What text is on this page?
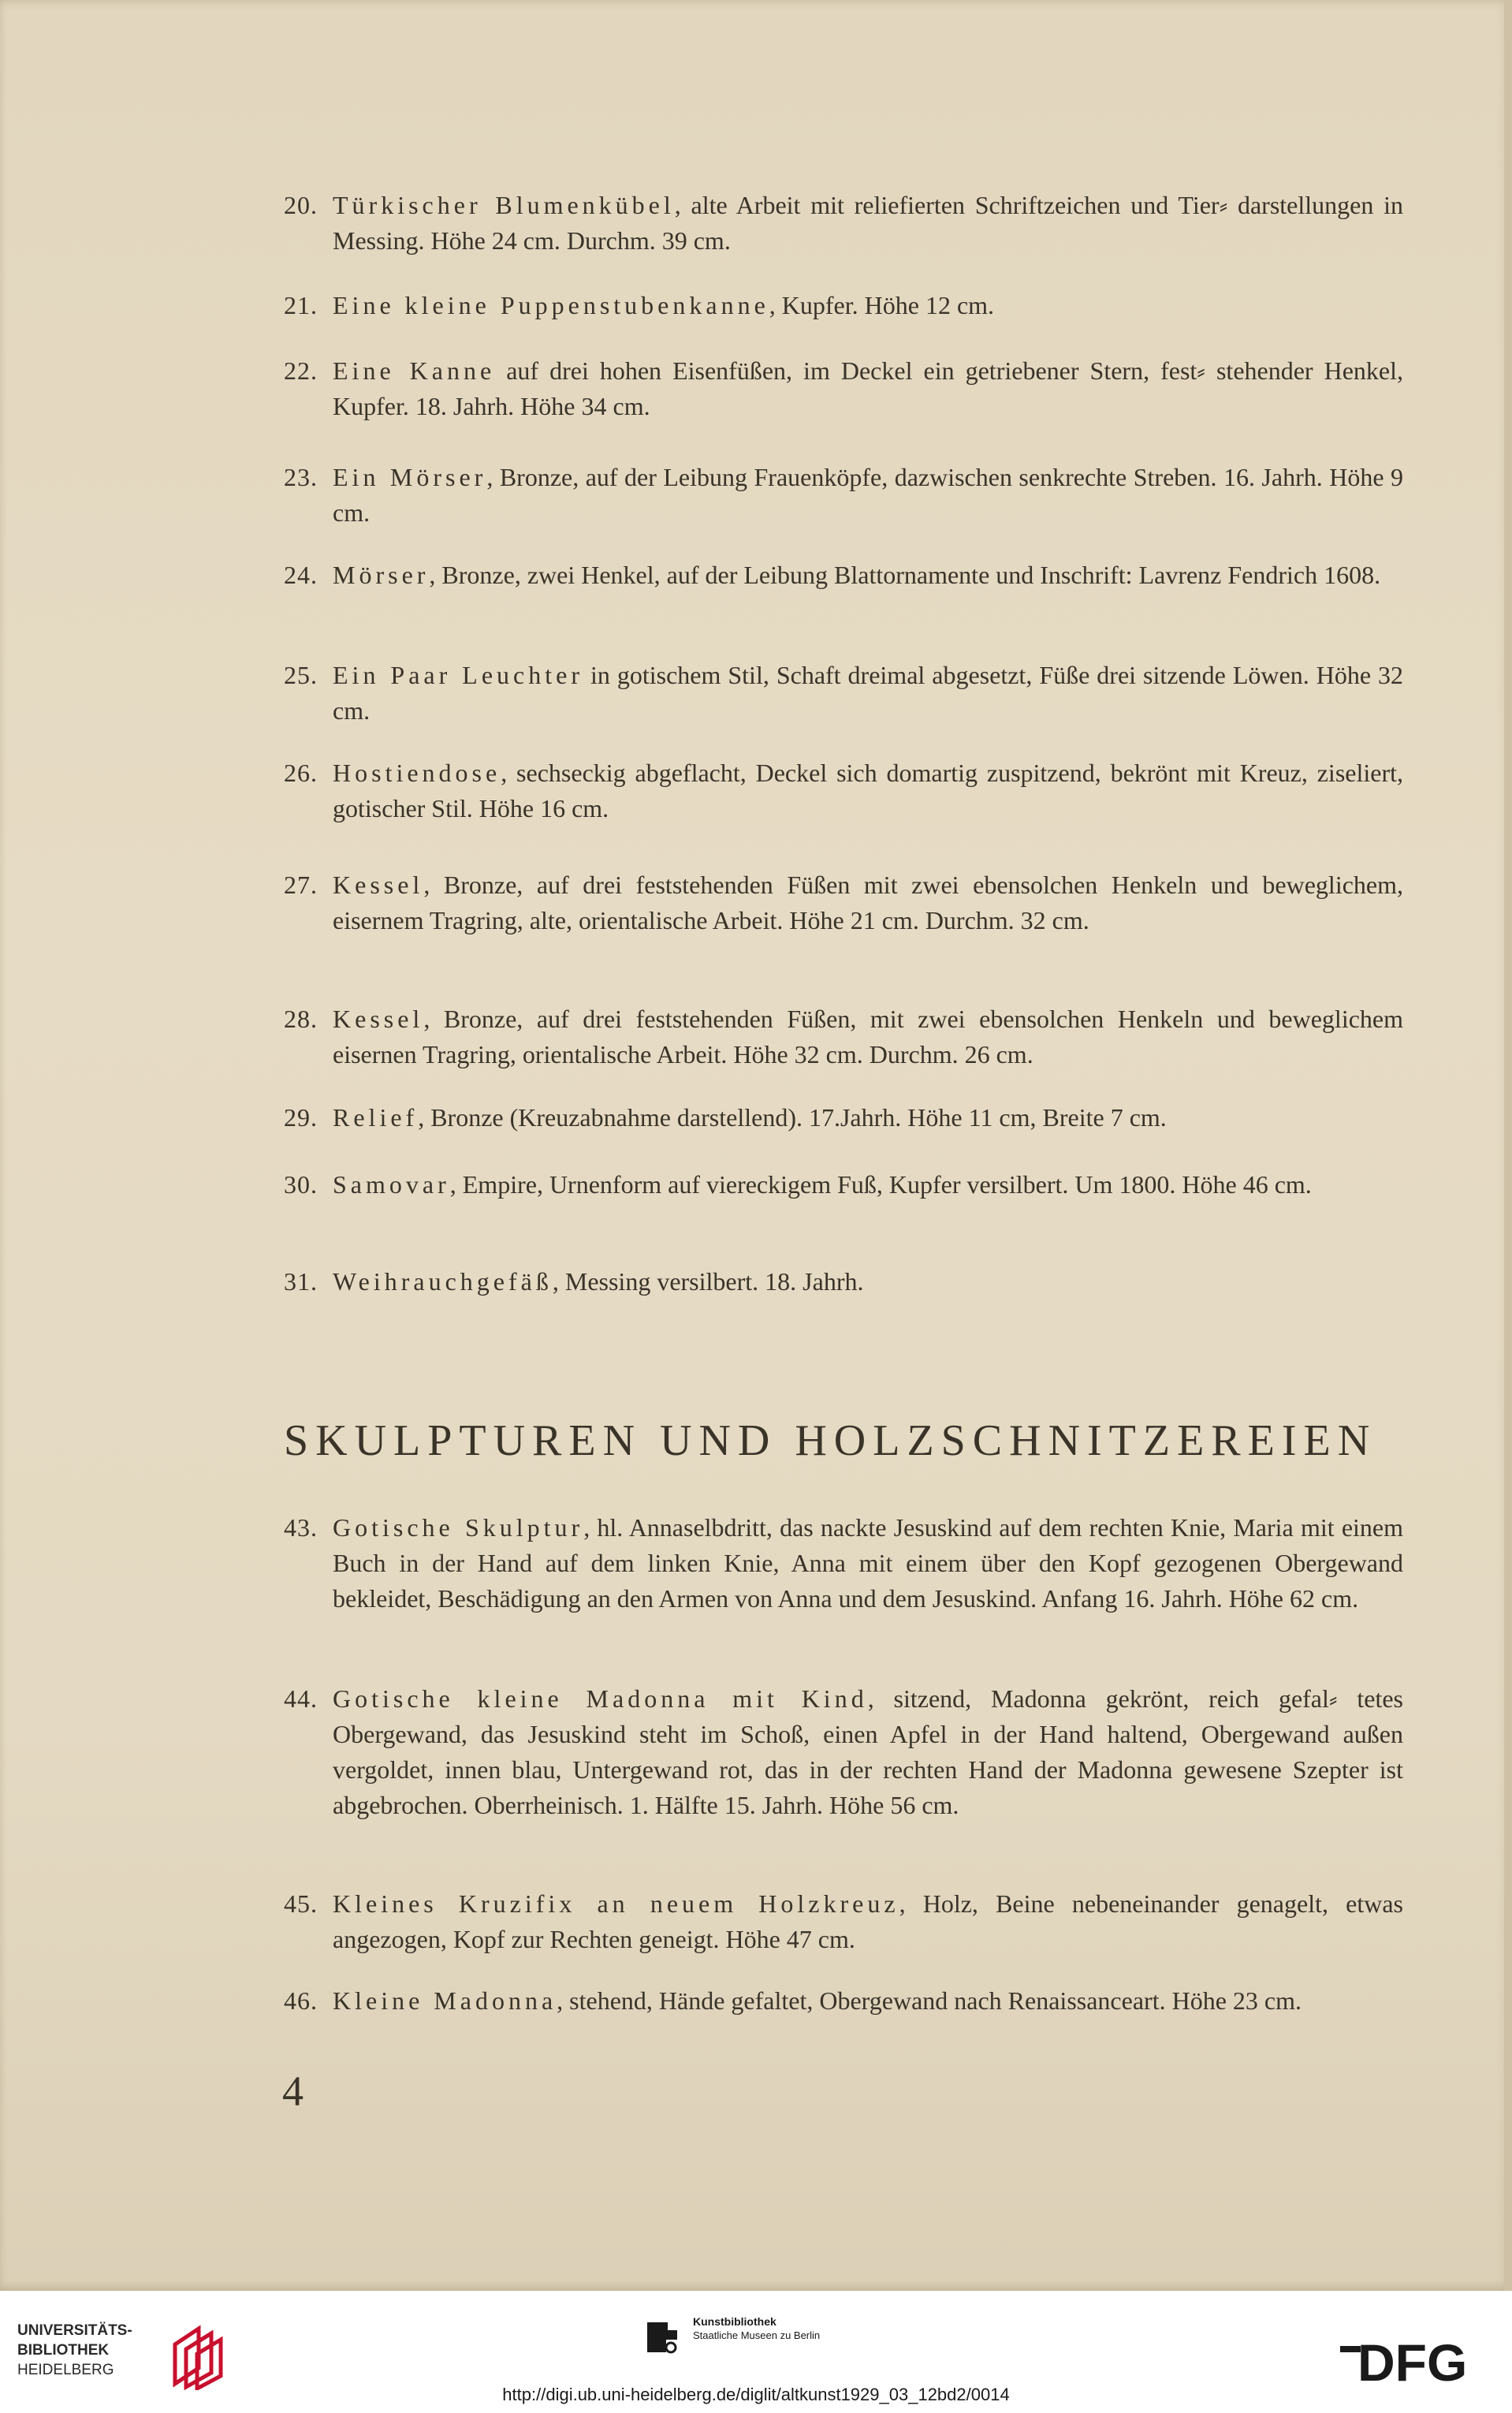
20. Türkischer Blumenkübel, alte Arbeit mit reliefierten Schriftzeichen und Tier⸗ darstellungen in Messing. Höhe 24 cm. Durchm. 39 cm.
21. Eine kleine Puppenstubenkanne, Kupfer. Höhe 12 cm.
22. Eine Kanne auf drei hohen Eisenfüßen, im Deckel ein getriebener Stern, fest⸗ stehender Henkel, Kupfer. 18. Jahrh. Höhe 34 cm.
23. Ein Mörser, Bronze, auf der Leibung Frauenköpfe, dazwischen senkrechte Streben. 16. Jahrh. Höhe 9 cm.
24. Mörser, Bronze, zwei Henkel, auf der Leibung Blattornamente und Inschrift: Lavrenz Fendrich 1608.
25. Ein Paar Leuchter in gotischem Stil, Schaft dreimal abgesetzt, Füße drei sitzende Löwen. Höhe 32 cm.
26. Hostiendose, sechseckig abgeflacht, Deckel sich domartig zuspitzend, bekrönt mit Kreuz, ziseliert, gotischer Stil. Höhe 16 cm.
27. Kessel, Bronze, auf drei feststehenden Füßen mit zwei ebensolchen Henkeln und beweglichem, eisernem Tragring, alte, orientalische Arbeit. Höhe 21 cm. Durchm. 32 cm.
28. Kessel, Bronze, auf drei feststehenden Füßen, mit zwei ebensolchen Henkeln und beweglichem eisernen Tragring, orientalische Arbeit. Höhe 32 cm. Durchm. 26 cm.
29. Relief, Bronze (Kreuzabnahme darstellend). 17.Jahrh. Höhe 11 cm, Breite 7 cm.
30. Samovar, Empire, Urnenform auf viereckigem Fuß, Kupfer versilbert. Um 1800. Höhe 46 cm.
31. Weihrauchgefäß, Messing versilbert. 18. Jahrh.
SKULPTUREN UND HOLZSCHNITZEREIEN
43. Gotische Skulptur, hl. Annaselbdritt, das nackte Jesuskind auf dem rechten Knie, Maria mit einem Buch in der Hand auf dem linken Knie, Anna mit einem über den Kopf gezogenen Obergewand bekleidet, Beschädigung an den Armen von Anna und dem Jesuskind. Anfang 16. Jahrh. Höhe 62 cm.
44. Gotische kleine Madonna mit Kind, sitzend, Madonna gekrönt, reich gefal⸗ tetes Obergewand, das Jesuskind steht im Schoß, einen Apfel in der Hand haltend, Obergewand außen vergoldet, innen blau, Untergewand rot, das in der rechten Hand der Madonna gewesene Szepter ist abgebrochen. Oberrheinisch. 1. Hälfte 15. Jahrh. Höhe 56 cm.
45. Kleines Kruzifix an neuem Holzkreuz, Holz, Beine nebeneinander genagelt, etwas angezogen, Kopf zur Rechten geneigt. Höhe 47 cm.
46. Kleine Madonna, stehend, Hände gefaltet, Obergewand nach Renaissanceart. Höhe 23 cm.
4
UNIVERSITÄTS-
BIBLIOTHEK
HEIDELBERG
Kunstbibliothek
Staatliche Museen zu Berlin	DFG
http://digi.ub.uni-heidelberg.de/diglit/altkunst1929_03_12bd2/0014
